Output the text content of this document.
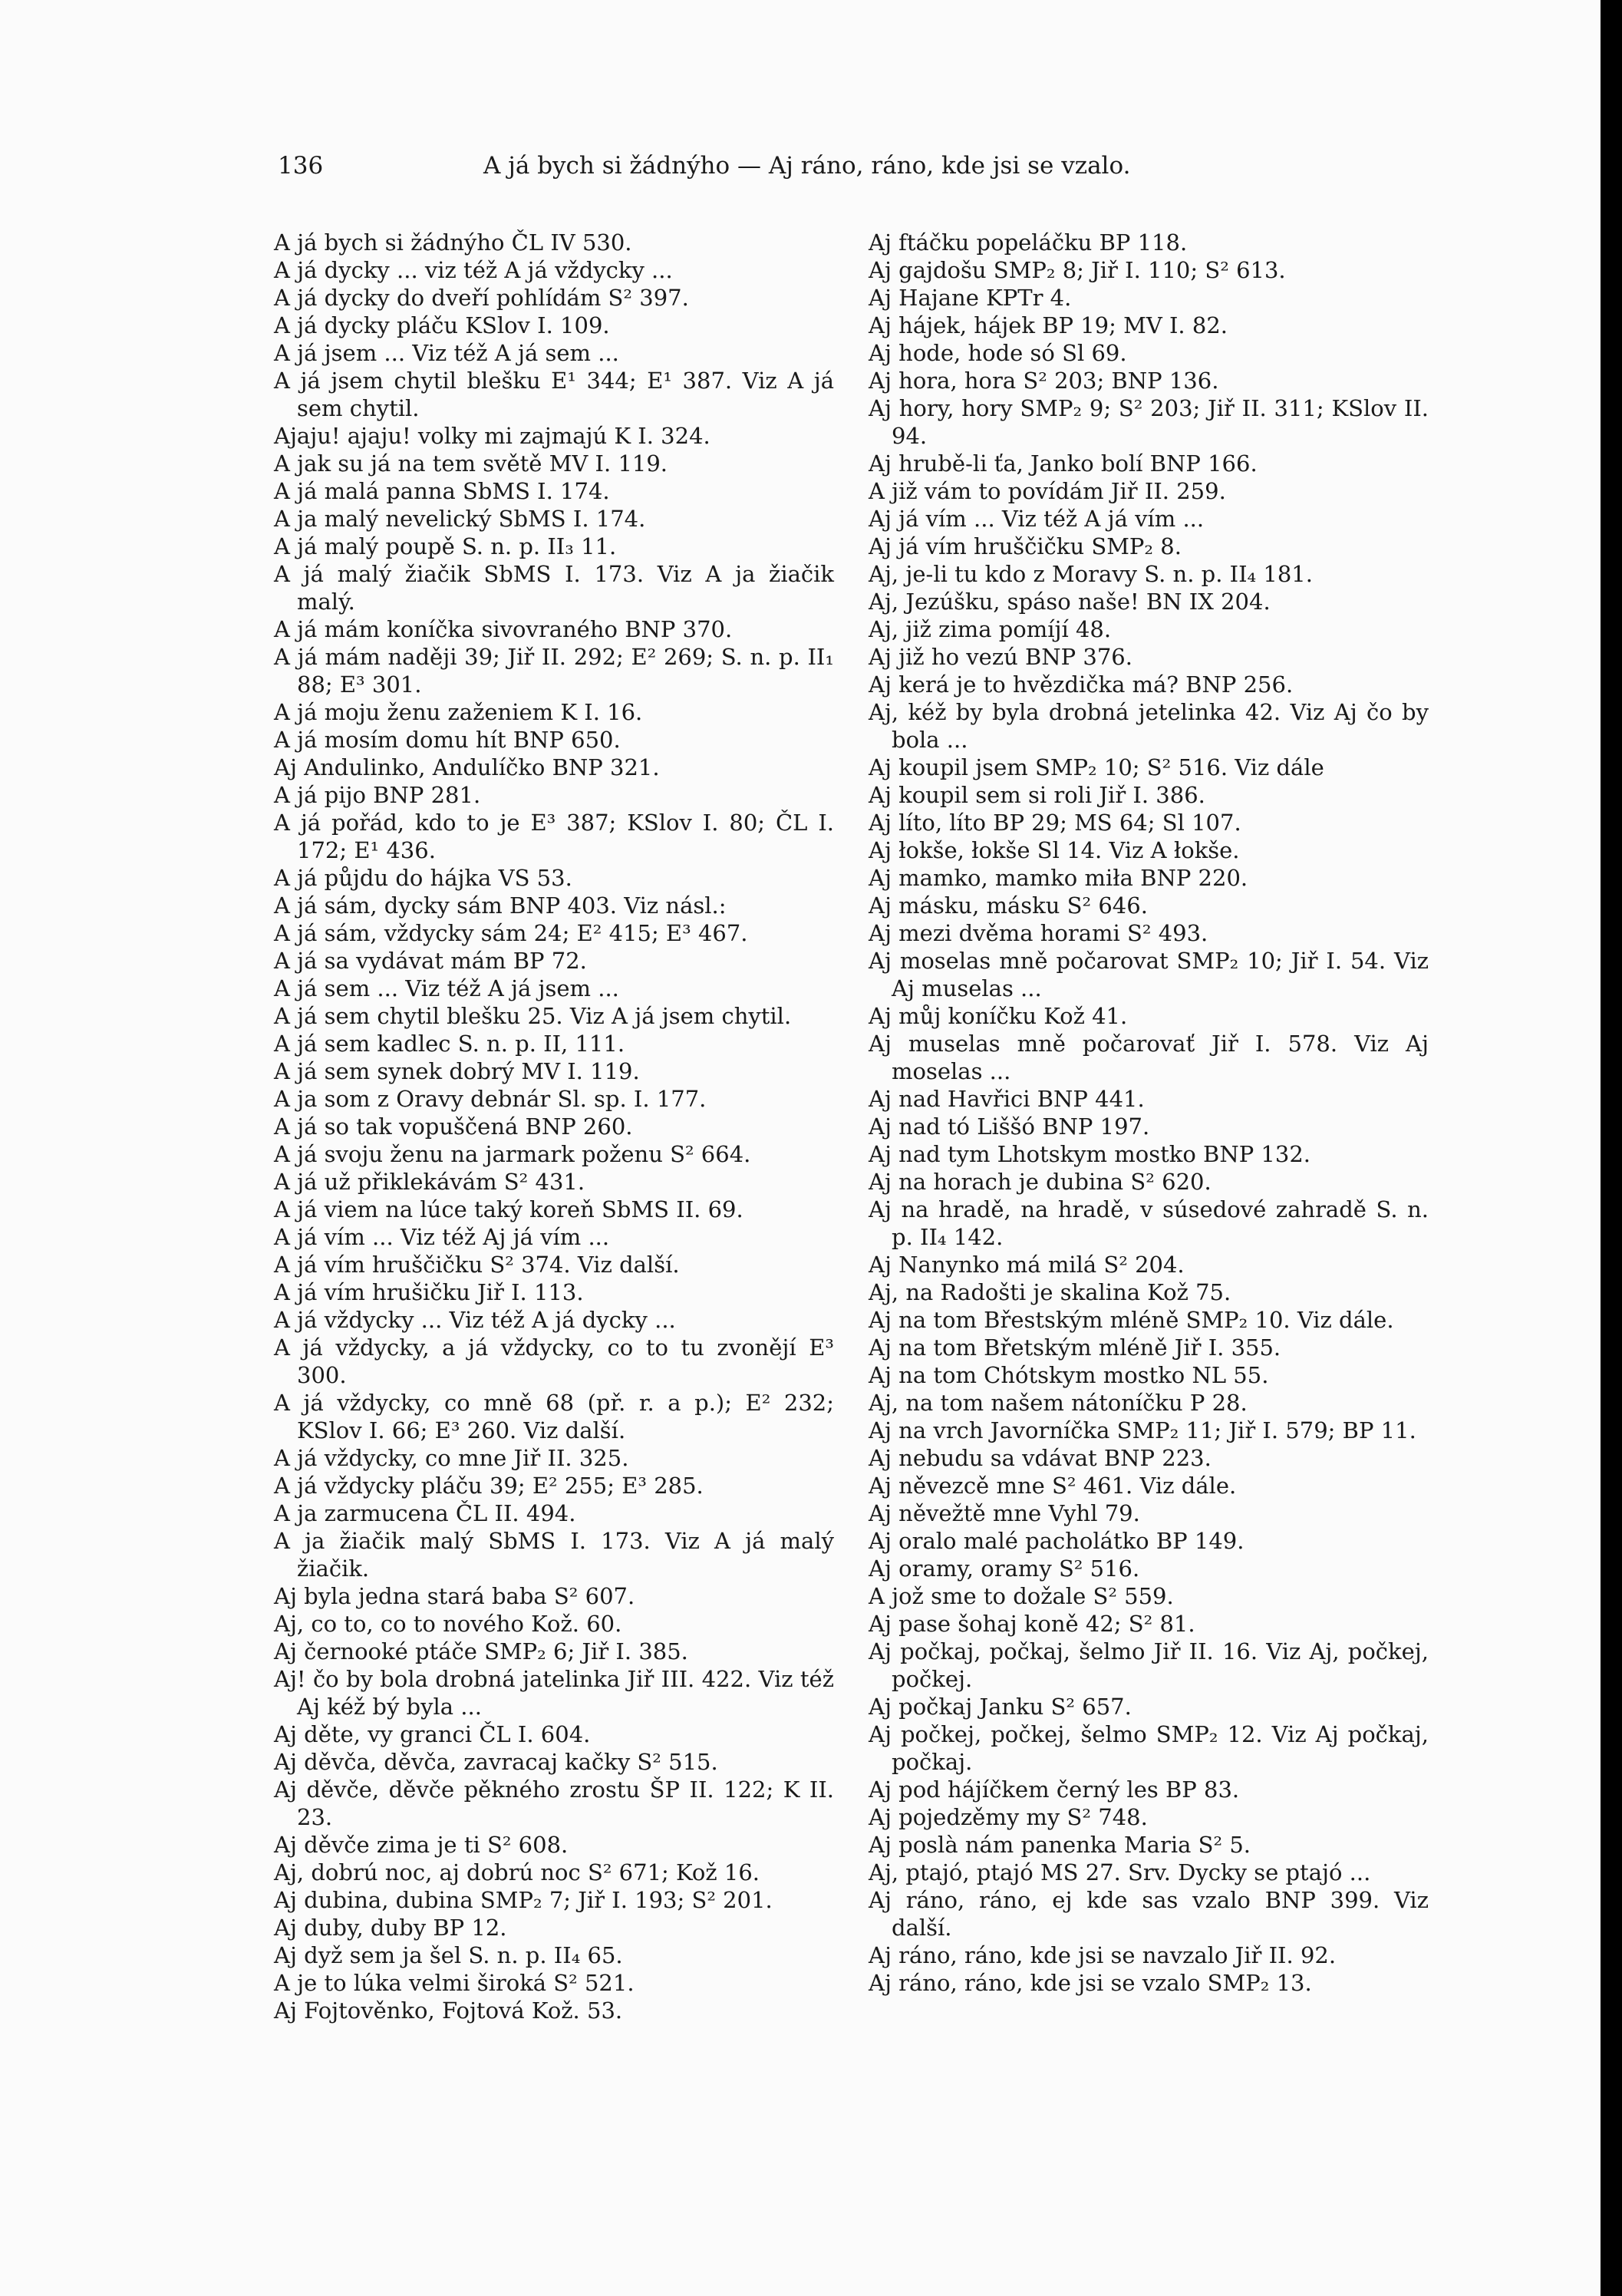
136	A já bych si žádnýho — Aj ráno, ráno, kde jsi se vzalo.
A já bych si žádnýho ČL IV 530.
A já dycky ... viz též A já vždycky ...
A já dycky do dveří pohlídám S² 397.
A já dycky pláču KSlov I. 109.
A já jsem ... Viz též A já sem ...
A já jsem chytil blešku E¹ 344; E¹ 387. Viz A já sem chytil.
Ajaju! ajaju! volky mi zajmajú K I. 324.
A jak su já na tem světě MV I. 119.
A já malá panna SbMS I. 174.
A ja malý nevelický SbMS I. 174.
A já malý poupě S. n. p. II₃ 11.
A já malý žiačik SbMS I. 173. Viz A ja žiačik malý.
A já mám koníčka sivovraného BNP 370.
A já mám naději 39; Jiř II. 292; E² 269; S. n. p. II₁ 88; E³ 301.
A já moju ženu zaženiem K I. 16.
A já mosím domu hít BNP 650.
Aj Andulinko, Andulíčko BNP 321.
A já pijo BNP 281.
A já pořád, kdo to je E³ 387; KSlov I. 80; ČL I. 172; E¹ 436.
A já půjdu do hájka VS 53.
A já sám, dycky sám BNP 403. Viz násl.:
A já sám, vždycky sám 24; E² 415; E³ 467.
A já sa vydávat mám BP 72.
A já sem ... Viz též A já jsem ...
A já sem chytil blešku 25. Viz A já jsem chytil.
A já sem kadlec S. n. p. II, 111.
A já sem synek dobrý MV I. 119.
A ja som z Oravy debnár Sl. sp. I. 177.
A já so tak vopuščená BNP 260.
A já svoju ženu na jarmark poženu S² 664.
A já už přiklekávám S² 431.
A já viem na lúce taký koreň SbMS II. 69.
A já vím ... Viz též Aj já vím ...
A já vím hruščičku S² 374. Viz další.
A já vím hrušičku Jiř I. 113.
A já vždycky ... Viz též A já dycky ...
A já vždycky, a já vždycky, co to tu zvonějí E³ 300.
A já vždycky, co mně 68 (př. r. a p.); E² 232; KSlov I. 66; E³ 260. Viz další.
A já vždycky, co mne Jiř II. 325.
A já vždycky pláču 39; E² 255; E³ 285.
A ja zarmucena ČL II. 494.
A ja žiačik malý SbMS I. 173. Viz A já malý žiačik.
Aj byla jedna stará baba S² 607.
Aj, co to, co to nového Kož. 60.
Aj černooké ptáče SMP₂ 6; Jiř I. 385.
Aj! čo by bola drobná jatelinka Jiř III. 422. Viz též Aj kéž bý byla ...
Aj děte, vy granci ČL I. 604.
Aj děvča, děvča, zavracaj kačky S² 515.
Aj děvče, děvče pěkného zrostu ŠP II. 122; K II. 23.
Aj děvče zima je ti S² 608.
Aj, dobrú noc, aj dobrú noc S² 671; Kož 16.
Aj dubina, dubina SMP₂ 7; Jiř I. 193; S² 201.
Aj duby, duby BP 12.
Aj dyž sem ja šel S. n. p. II₄ 65.
A je to lúka velmi široká S² 521.
Aj Fojtověnko, Fojtová Kož. 53.
Aj ftáčku popeláčku BP 118.
Aj gajdošu SMP₂ 8; Jiř I. 110; S² 613.
Aj Hajane KPTr 4.
Aj hájek, hájek BP 19; MV I. 82.
Aj hode, hode só Sl 69.
Aj hora, hora S² 203; BNP 136.
Aj hory, hory SMP₂ 9; S² 203; Jiř II. 311; KSlov II. 94.
Aj hrubě-li ťa, Janko bolí BNP 166.
A již vám to povídám Jiř II. 259.
Aj já vím ... Viz též A já vím ...
Aj já vím hruščičku SMP₂ 8.
Aj, je-li tu kdo z Moravy S. n. p. II₄ 181.
Aj, Jezúšku, spáso naše! BN IX 204.
Aj, již zima pomíjí 48.
Aj již ho vezú BNP 376.
Aj kerá je to hvězdička má? BNP 256.
Aj, kéž by byla drobná jetelinka 42. Viz Aj čo by bola ...
Aj koupil jsem SMP₂ 10; S² 516. Viz dále
Aj koupil sem si roli Jiř I. 386.
Aj líto, líto BP 29; MS 64; Sl 107.
Aj łokše, łokše Sl 14. Viz A łokše.
Aj mamko, mamko miła BNP 220.
Aj másku, másku S² 646.
Aj mezi dvěma horami S² 493.
Aj moselas mně počarovat SMP₂ 10; Jiř I. 54. Viz Aj muselas ...
Aj můj koníčku Kož 41.
Aj muselas mně počarovať Jiř I. 578. Viz Aj moselas ...
Aj nad Havřici BNP 441.
Aj nad tó Liššó BNP 197.
Aj nad tym Lhotskym mostko BNP 132.
Aj na horach je dubina S² 620.
Aj na hradě, na hradě, v súsedové zahradě S. n. p. II₄ 142.
Aj Nanynko má milá S² 204.
Aj, na Radošti je skalina Kož 75.
Aj na tom Břestským mléně SMP₂ 10. Viz dále.
Aj na tom Břetským mléně Jiř I. 355.
Aj na tom Chótskym mostko NL 55.
Aj, na tom našem nátoníčku P 28.
Aj na vrch Javorníčka SMP₂ 11; Jiř I. 579; BP 11.
Aj nebudu sa vdávat BNP 223.
Aj něvezcě mne S² 461. Viz dále.
Aj něvežtě mne Vyhl 79.
Aj oralo malé pacholátko BP 149.
Aj oramy, oramy S² 516.
A jož sme to dožale S² 559.
Aj pase šohaj koně 42; S² 81.
Aj počkaj, počkaj, šelmo Jiř II. 16. Viz Aj, počkej, počkej.
Aj počkaj Janku S² 657.
Aj počkej, počkej, šelmo SMP₂ 12. Viz Aj počkaj, počkaj.
Aj pod hájíčkem černý les BP 83.
Aj pojedzěmy my S² 748.
Aj poslà nám panenka Maria S² 5.
Aj, ptajó, ptajó MS 27. Srv. Dycky se ptajó ...
Aj ráno, ráno, ej kde sas vzalo BNP 399. Viz další.
Aj ráno, ráno, kde jsi se navzalo Jiř II. 92.
Aj ráno, ráno, kde jsi se vzalo SMP₂ 13.
